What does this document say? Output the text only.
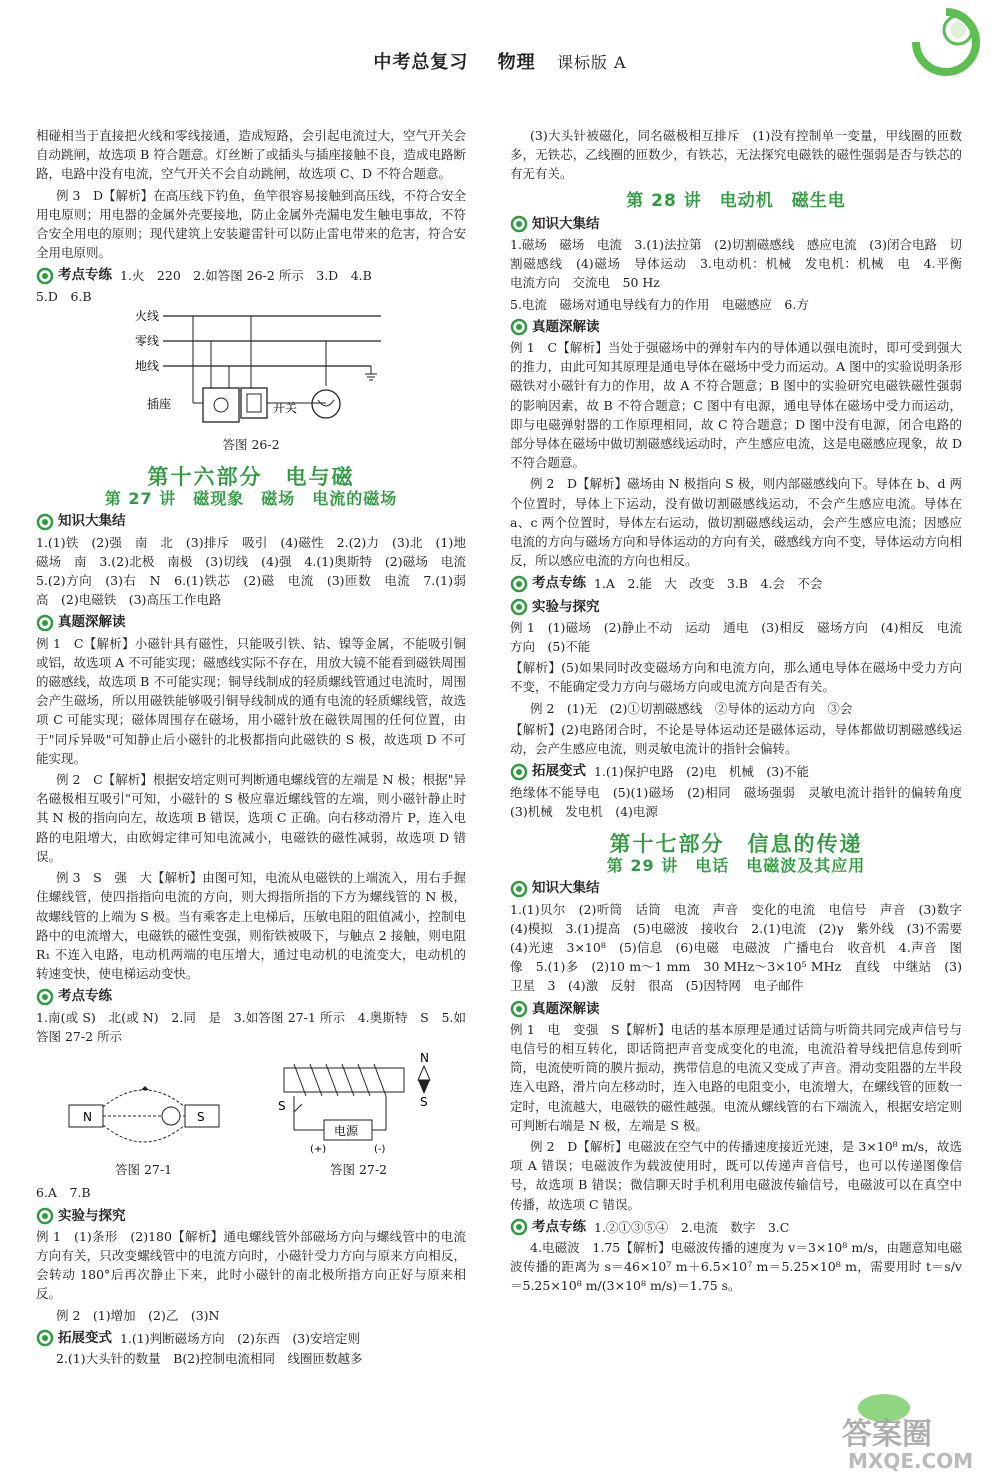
中考总复习 物理 课标版 A

相碰相当于直接把火线和零线接通，造成短路，会引起电流过大，空气开关会自动跳闸，故选项 B 符合题意。灯丝断了或插头与插座接触不良，造成电路断路，电路中没有电流，空气开关不会自动跳闸，故选项 C、D 不符合题意。

例 3　D【解析】在高压线下钓鱼，鱼竿很容易接触到高压线，不符合安全用电原则；用电器的金属外壳要接地，防止金属外壳漏电发生触电事故，不符合安全用电的原则；现代建筑上安装避雷针可以防止雷电带来的危害，符合安全用电原则。

考点专练 1.火　220　2.如答图 26-2 所示　3.D　4.B

5.D　6.B

火线
零线
地线
插座	开关
答图 26-2
第十六部分　电与磁
第 27 讲　磁现象　磁场　电流的磁场
知识大集结

1.(1)铁　(2)强　南　北　(3)排斥　吸引　(4)磁性　2.(2)力　(3)北　(1)地磁场　南　3.(2)北极　南极　(3)切线　(4)强　4.(1)奥斯特　(2)磁场　电流　5.(2)方向　(3)右　N　6.(1)铁芯　(2)磁　电流　(3)匝数　电流　7.(1)弱　高　(2)电磁铁　(3)高压工作电路

真题深解读

例 1　C【解析】小磁针具有磁性，只能吸引铁、钴、镍等金属，不能吸引铜或铝，故选项 A 不可能实现；磁感线实际不存在，用放大镜不能看到磁铁周围的磁感线，故选项 B 不可能实现；铜导线制成的轻质螺线管通过电流时，周围会产生磁场，所以用磁铁能够吸引铜导线制成的通有电流的轻质螺线管，故选项 C 可能实现；磁体周围存在磁场，用小磁针放在磁铁周围的任何位置，由于"同斥异吸"可知静止后小磁针的北极都指向此磁铁的 S 极，故选项 D 不可能实现。

例 2　C【解析】根据安培定则可判断通电螺线管的左端是 N 极；根据"异名磁极相互吸引"可知，小磁针的 S 极应靠近螺线管的左端，则小磁针静止时其 N 极的指向向左，故选项 B 错误，选项 C 正确。向右移动滑片 P，连入电路的电阻增大，由欧姆定律可知电流减小，电磁铁的磁性减弱，故选项 D 错误。

例 3　S　强　大【解析】由图可知，电流从电磁铁的上端流入，用右手握住螺线管，使四指指向电流的方向，则大拇指所指的下方为螺线管的 N 极，故螺线管的上端为 S 极。当有乘客走上电梯后，压敏电阻的阻值减小，控制电路中的电流增大，电磁铁的磁性变强，则衔铁被吸下，与触点 2 接触，则电阻 R₁ 不连入电路，电动机两端的电压增大，通过电动机的电流变大，电动机的转速变快，使电梯运动变快。

考点专练

1.南(或 S)　北(或 N)　2.同　是　3.如答图 27-1 所示　4.奥斯特　S　5.如答图 27-2 所示

N	S
答图 27-1
N
S
电源
S
(+)	(-)
答图 27-2

6.A　7.B

实验与探究

例 1　(1)条形　(2)180【解析】通电螺线管外部磁场方向与螺线管中的电流方向有关，只改变螺线管中的电流方向时，小磁针受力方向与原来方向相反，会转动 180°后再次静止下来，此时小磁针的南北极所指方向正好与原来相反。

例 2　(1)增加　(2)乙　(3)N

拓展变式 1.(1)判断磁场方向　(2)东西　(3)安培定则

2.(1)大头针的数量　B(2)控制电流相同　线圈匝数越多

(3)大头针被磁化，同名磁极相互排斥　(1)没有控制单一变量，甲线圈的匝数多，无铁芯，乙线圈的匝数少，有铁芯，无法探究电磁铁的磁性强弱是否与铁芯的有无有关。

第 28 讲　电动机　磁生电
知识大集结

1.磁场　磁场　电流　3.(1)法拉第　(2)切割磁感线　感应电流　(3)闭合电路　切割磁感线　(4)磁场　导体运动　3.电动机：机械　发电机：机械　电　4.平衡　电流方向　交流电　50 Hz

5.电流　磁场对通电导线有力的作用　电磁感应　6.方

真题深解读

例 1　C【解析】当处于强磁场中的弹射车内的导体通以强电流时，即可受到强大的推力，由此可知其原理是通电导体在磁场中受力而运动。A 图中的实验说明条形磁铁对小磁针有力的作用，故 A 不符合题意；B 图中的实验研究电磁铁磁性强弱的影响因素，故 B 不符合题意；C 图中有电源，通电导体在磁场中受力而运动，即与电磁弹射器的工作原理相同，故 C 符合题意；D 图中没有电源，闭合电路的部分导体在磁场中做切割磁感线运动时，产生感应电流，这是电磁感应现象，故 D 不符合题意。

例 2　D【解析】磁场由 N 极指向 S 极，则内部磁感线向下。导体在 b、d 两个位置时，导体上下运动，没有做切割磁感线运动，不会产生感应电流。导体在 a、c 两个位置时，导体左右运动，做切割磁感线运动，会产生感应电流；因感应电流的方向与磁场方向和导体运动的方向有关，磁感线方向不变，导体运动方向相反，所以感应电流的方向也相反。

考点专练 1.A　2.能　大　改变　3.B　4.会　不会
实验与探究

例 1　(1)磁场　(2)静止不动　运动　通电　(3)相反　磁场方向　(4)相反　电流方向　(5)不能

【解析】(5)如果同时改变磁场方向和电流方向，那么通电导体在磁场中受力方向不变，不能确定受力方向与磁场方向或电流方向是否有关。

例 2　(1)无　(2)①切割磁感线　②导体的运动方向　③会

【解析】(2)电路闭合时，不论是导体运动还是磁体运动，导体都做切割磁感线运动，会产生感应电流，则灵敏电流计的指针会偏转。

拓展变式 1.(1)保护电路　(2)电　机械　(3)不能

绝缘体不能导电　(5)(1)磁场　(2)相同　磁场强弱　灵敏电流计指针的偏转角度　(3)机械　发电机　(4)电源

第十七部分　信息的传递
第 29 讲　电话　电磁波及其应用
知识大集结

1.(1)贝尔　(2)听筒　话筒　电流　声音　变化的电流　电信号　声音　(3)数字　(4)模拟　3.(1)提高　(5)电磁波　接收台　2.(1)电流　(2)γ　紫外线　(3)不需要　(4)光速　3×10⁸　(5)信息　(6)电磁　电磁波　广播电台　收音机　4.声音　图像　5.(1)多　(2)10 m～1 mm　30 MHz～3×10⁵ MHz　直线　中继站　(3)卫星　3　(4)激　反射　很高　(5)因特网　电子邮件

真题深解读

例 1　电　变强　S【解析】电话的基本原理是通过话筒与听筒共同完成声信号与电信号的相互转化，即话筒把声音变成变化的电流，电流沿着导线把信息传到听筒，电流使听筒的膜片振动，携带信息的电流又变成了声音。滑动变阻器的左半段连入电路，滑片向左移动时，连入电路的电阻变小，电流增大，在螺线管的匝数一定时，电流越大，电磁铁的磁性越强。电流从螺线管的右下端流入，根据安培定则可判断右端是 N 极，左端是 S 极。

例 2　D【解析】电磁波在空气中的传播速度接近光速，是 3×10⁸ m/s，故选项 A 错误；电磁波作为载波使用时，既可以传递声音信号，也可以传递图像信号，故选项 B 错误；微信聊天时手机利用电磁波传输信号，电磁波可以在真空中传播，故选项 C 错误。

考点专练 1.②①③⑤④　2.电流　数字　3.C

4.电磁波　1.75【解析】电磁波传播的速度为 v＝3×10⁸ m/s，由题意知电磁波传播的距离为 s＝46×10⁷ m＋6.5×10⁷ m＝5.25×10⁸ m，需要用时 t＝s/v＝5.25×10⁸ m/(3×10⁸ m/s)＝1.75 s。

答案圈
MXQE.COM
